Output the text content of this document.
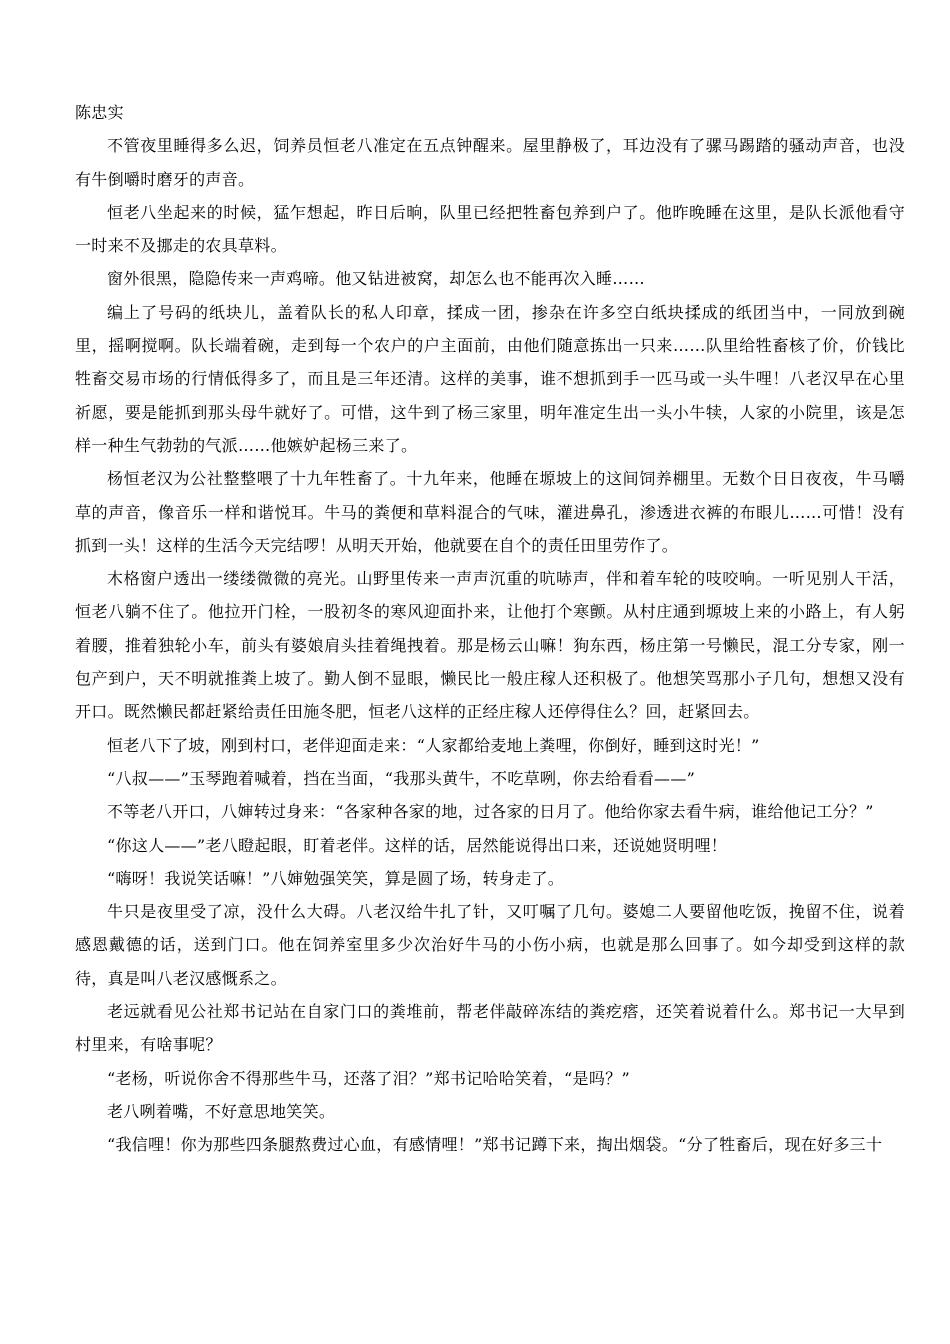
陈忠实

不管夜里睡得多么迟，饲养员恒老八准定在五点钟醒来。屋里静极了，耳边没有了骡马踢踏的骚动声音，也没有牛倒嚼时磨牙的声音。

恒老八坐起来的时候，猛乍想起，昨日后晌，队里已经把牲畜包养到户了。他昨晚睡在这里，是队长派他看守一时来不及挪走的农具草料。

窗外很黑，隐隐传来一声鸡啼。他又钻进被窝，却怎么也不能再次入睡……

编上了号码的纸块儿，盖着队长的私人印章，揉成一团，掺杂在许多空白纸块揉成的纸团当中，一同放到碗里，摇啊搅啊。队长端着碗，走到每一个农户的户主面前，由他们随意拣出一只来……队里给牲畜核了价，价钱比牲畜交易市场的行情低得多了，而且是三年还清。这样的美事，谁不想抓到手一匹马或一头牛哩！八老汉早在心里祈愿，要是能抓到那头母牛就好了。可惜，这牛到了杨三家里，明年准定生出一头小牛犊，人家的小院里，该是怎样一种生气勃勃的气派……他嫉妒起杨三来了。

杨恒老汉为公社整整喂了十九年牲畜了。十九年来，他睡在塬坡上的这间饲养棚里。无数个日日夜夜，牛马嚼草的声音，像音乐一样和谐悦耳。牛马的粪便和草料混合的气味，灌进鼻孔，渗透进衣裤的布眼儿……可惜！没有抓到一头！这样的生活今天完结啰！从明天开始，他就要在自个的责任田里劳作了。

木格窗户透出一缕缕微微的亮光。山野里传来一声声沉重的吭哧声，伴和着车轮的吱咬响。一听见别人干活，恒老八躺不住了。他拉开门栓，一股初冬的寒风迎面扑来，让他打个寒颤。从村庄通到塬坡上来的小路上，有人躬着腰，推着独轮小车，前头有婆娘肩头挂着绳拽着。那是杨云山嘛！狗东西，杨庄第一号懒民，混工分专家，刚一包产到户，天不明就推粪上坡了。勤人倒不显眼，懒民比一般庄稼人还积极了。他想笑骂那小子几句，想想又没有开口。既然懒民都赶紧给责任田施冬肥，恒老八这样的正经庄稼人还停得住么？回，赶紧回去。

恒老八下了坡，刚到村口，老伴迎面走来：“人家都给麦地上粪哩，你倒好，睡到这时光！”

“八叔——”玉琴跑着喊着，挡在当面，“我那头黄牛，不吃草咧，你去给看看——”

不等老八开口，八婶转过身来：“各家种各家的地，过各家的日月了。他给你家去看牛病，谁给他记工分？”

“你这人——”老八瞪起眼，盯着老伴。这样的话，居然能说得出口来，还说她贤明哩！

“嗨呀！我说笑话嘛！”八婶勉强笑笑，算是圆了场，转身走了。

牛只是夜里受了凉，没什么大碍。八老汉给牛扎了针，又叮嘱了几句。婆媳二人要留他吃饭，挽留不住，说着感恩戴德的话，送到门口。他在饲养室里多少次治好牛马的小伤小病，也就是那么回事了。如今却受到这样的款待，真是叫八老汉感慨系之。

老远就看见公社郑书记站在自家门口的粪堆前，帮老伴敲碎冻结的粪疙瘩，还笑着说着什么。郑书记一大早到村里来，有啥事呢？

“老杨，听说你舍不得那些牛马，还落了泪？”郑书记哈哈笑着，“是吗？”

老八咧着嘴，不好意思地笑笑。

“我信哩！你为那些四条腿熬费过心血，有感情哩！”郑书记蹲下来，掏出烟袋。“分了牲畜后，现在好多三十
